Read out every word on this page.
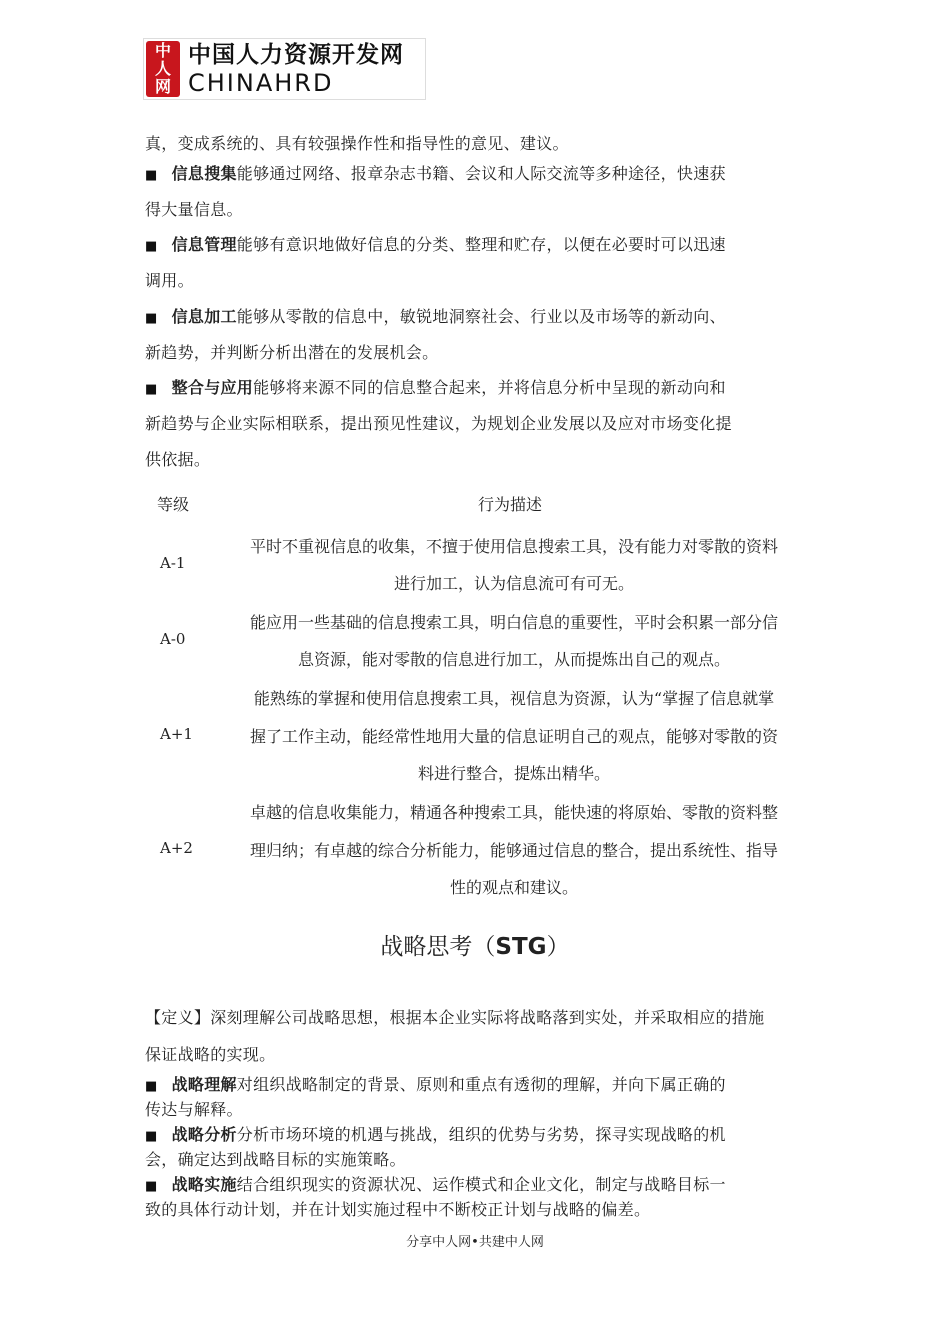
中
人
网
中国人力资源开发网
CHINAHRD
真，变成系统的、具有较强操作性和指导性的意见、建议。
■ 信息搜集能够通过网络、报章杂志书籍、会议和人际交流等多种途径，快速获
得大量信息。
■ 信息管理能够有意识地做好信息的分类、整理和贮存，以便在必要时可以迅速
调用。
■ 信息加工能够从零散的信息中，敏锐地洞察社会、行业以及市场等的新动向、
新趋势，并判断分析出潜在的发展机会。
■ 整合与应用能够将来源不同的信息整合起来，并将信息分析中呈现的新动向和
新趋势与企业实际相联系，提出预见性建议，为规划企业发展以及应对市场变化提
供依据。
等级	行为描述
A-1
平时不重视信息的收集，不擅于使用信息搜索工具，没有能力对零散的资料
进行加工，认为信息流可有可无。
A-0
能应用一些基础的信息搜索工具，明白信息的重要性，平时会积累一部分信
息资源，能对零散的信息进行加工，从而提炼出自己的观点。
A+1
能熟练的掌握和使用信息搜索工具，视信息为资源，认为“掌握了信息就掌
握了工作主动，能经常性地用大量的信息证明自己的观点，能够对零散的资
料进行整合，提炼出精华。
A+2
卓越的信息收集能力，精通各种搜索工具，能快速的将原始、零散的资料整
理归纳；有卓越的综合分析能力，能够通过信息的整合，提出系统性、指导
性的观点和建议。
战略思考（STG）
【定义】深刻理解公司战略思想，根据本企业实际将战略落到实处，并采取相应的措施
保证战略的实现。
■ 战略理解对组织战略制定的背景、原则和重点有透彻的理解，并向下属正确的
传达与解释。
■ 战略分析分析市场环境的机遇与挑战，组织的优势与劣势，探寻实现战略的机
会，确定达到战略目标的实施策略。
■ 战略实施结合组织现实的资源状况、运作模式和企业文化，制定与战略目标一
致的具体行动计划，并在计划实施过程中不断校正计划与战略的偏差。
分享中人网•共建中人网
